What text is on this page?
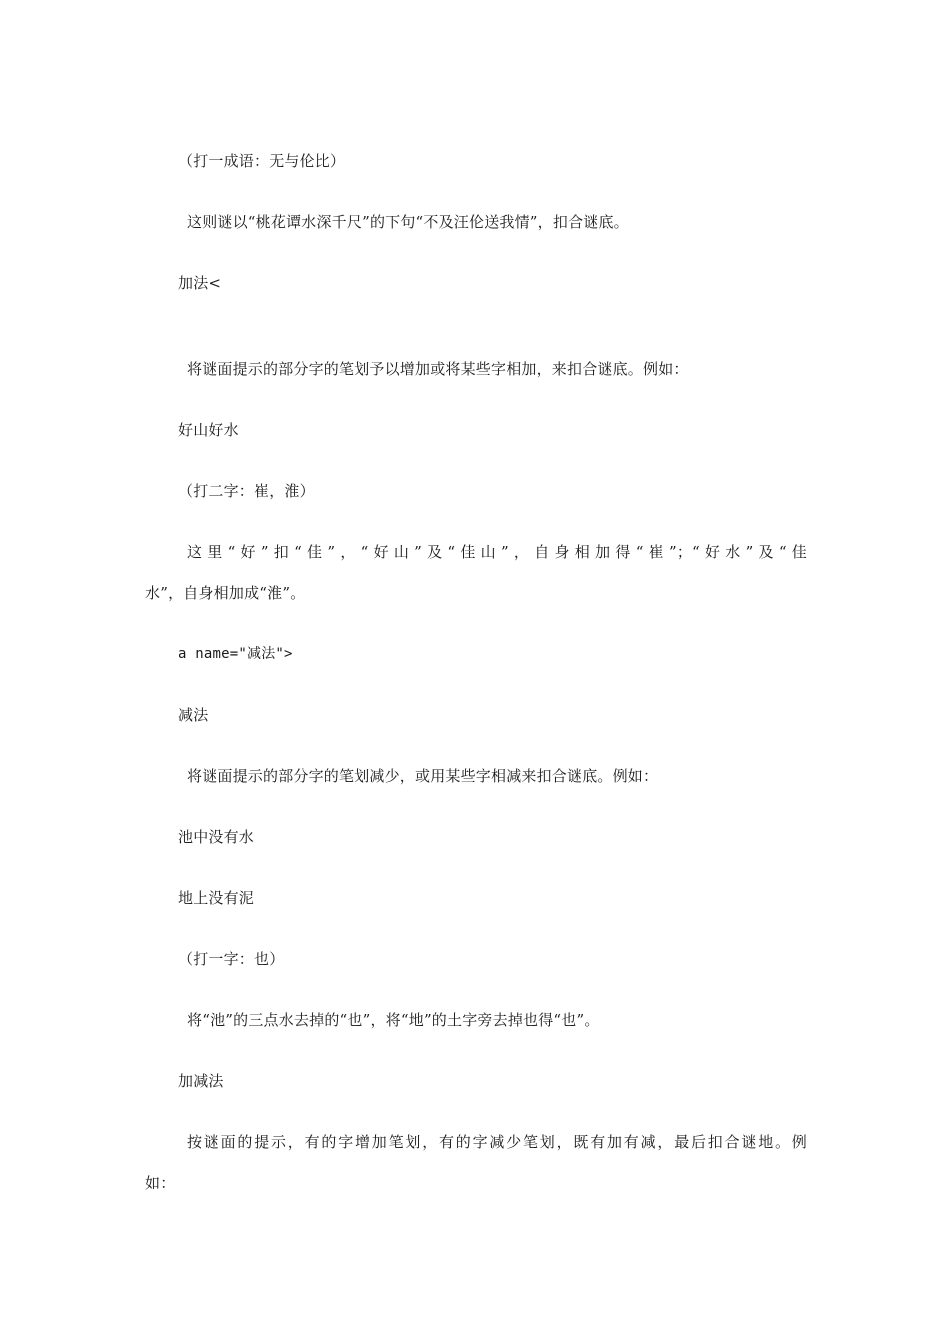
（打一成语：无与伦比）
这则谜以“桃花谭水深千尺”的下句“不及汪伦送我情”，扣合谜底。
加法<
将谜面提示的部分字的笔划予以增加或将某些字相加，来扣合谜底。例如：
好山好水
（打二字：崔，淮）
这里“好”扣“佳”，“好山”及“佳山”，自身相加得“崔”；“好水”及“佳
水”，自身相加成“淮”。
a name="减法">
减法
将谜面提示的部分字的笔划减少，或用某些字相减来扣合谜底。例如：
池中没有水
地上没有泥
（打一字：也）
将“池”的三点水去掉的“也”，将“地”的土字旁去掉也得“也”。
加减法
按谜面的提示，有的字增加笔划，有的字减少笔划，既有加有减，最后扣合谜地。例
如：
